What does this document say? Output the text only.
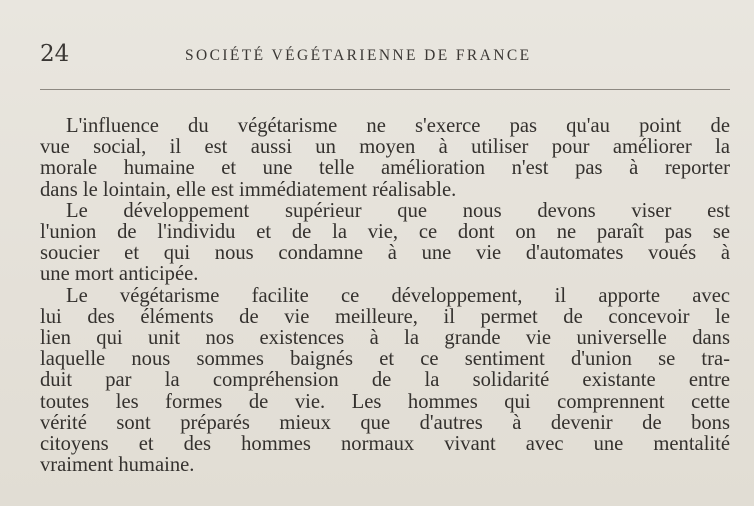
24	SOCIÉTÉ VÉGÉTARIENNE DE FRANCE

L'influence du végétarisme ne s'exerce pas qu'au point de
vue social, il est aussi un moyen à utiliser pour améliorer la
morale humaine et une telle amélioration n'est pas à reporter
dans le lointain, elle est immédiatement réalisable.

Le développement supérieur que nous devons viser est
l'union de l'individu et de la vie, ce dont on ne paraît pas se
soucier et qui nous condamne à une vie d'automates voués à
une mort anticipée.

Le végétarisme facilite ce développement, il apporte avec
lui des éléments de vie meilleure, il permet de concevoir le
lien qui unit nos existences à la grande vie universelle dans
laquelle nous sommes baignés et ce sentiment d'union se tra-
duit par la compréhension de la solidarité existante entre
toutes les formes de vie. Les hommes qui comprennent cette
vérité sont préparés mieux que d'autres à devenir de bons
citoyens et des hommes normaux vivant avec une mentalité
vraiment humaine.
